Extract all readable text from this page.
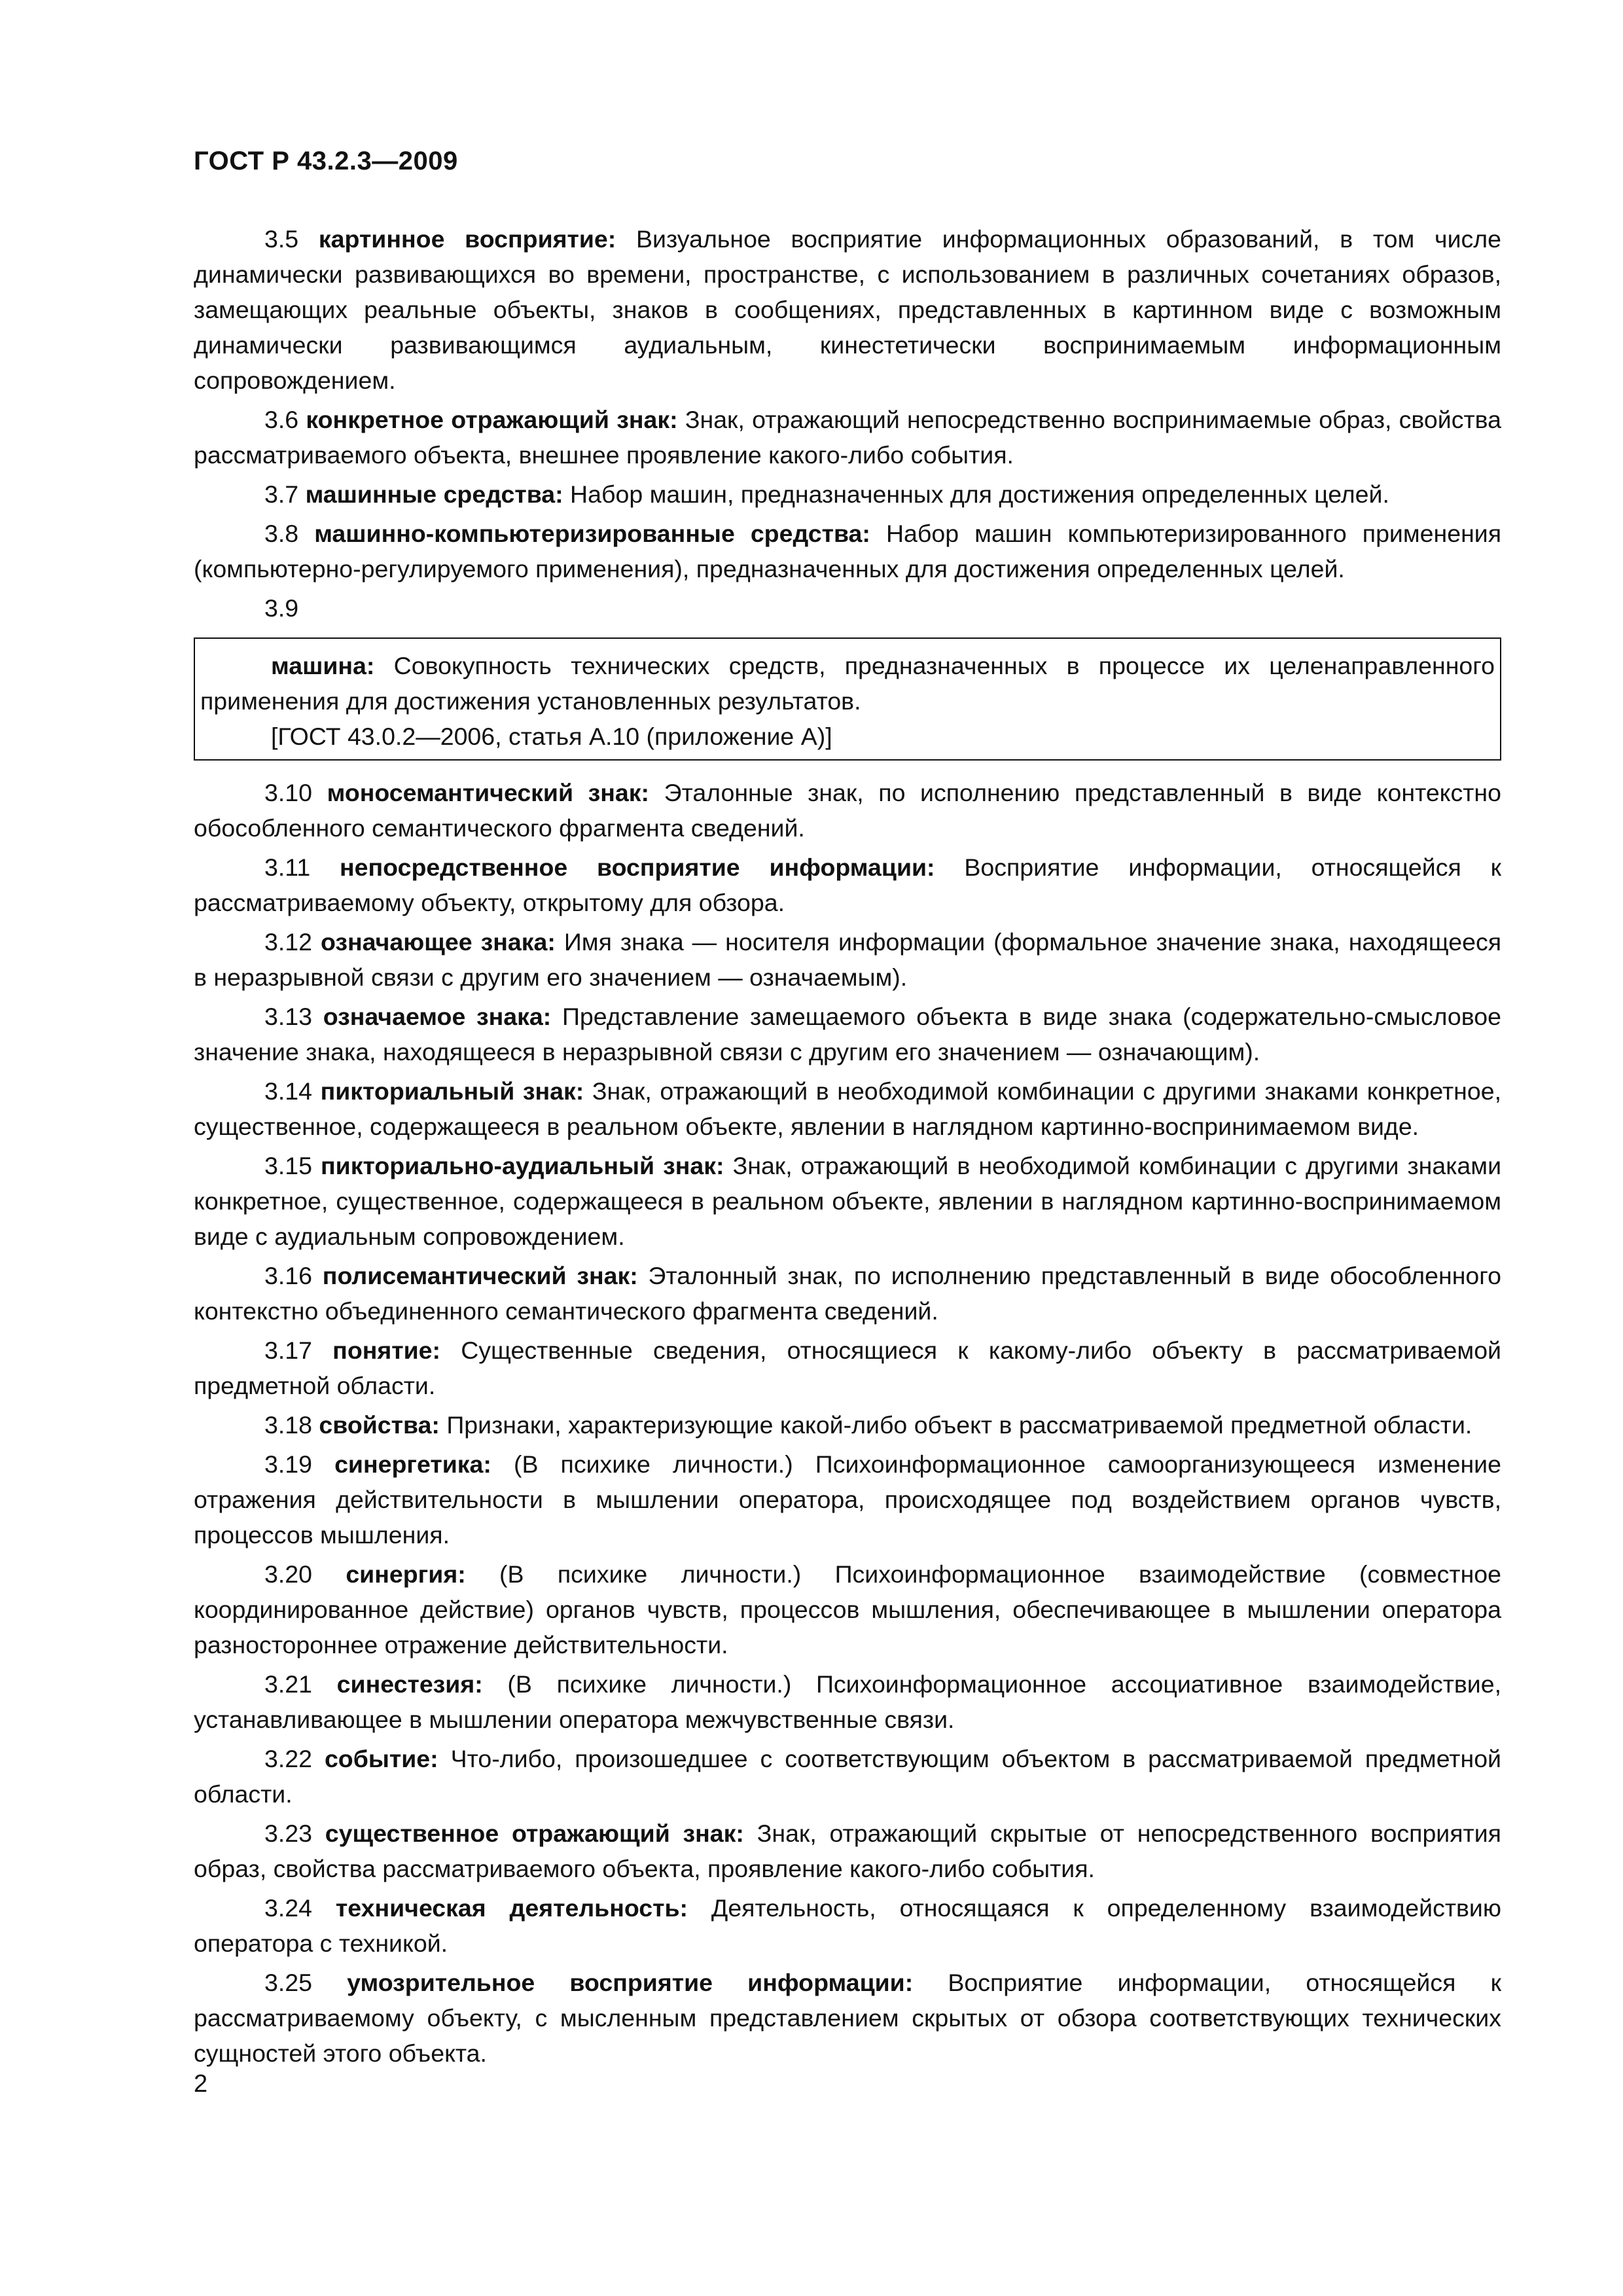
ГОСТ Р 43.2.3—2009

3.5 картинное восприятие: Визуальное восприятие информационных образований, в том числе динамически развивающихся во времени, пространстве, с использованием в различных сочетаниях образов, замещающих реальные объекты, знаков в сообщениях, представленных в картинном виде с возможным динамически развивающимся аудиальным, кинестетически воспринимаемым информационным сопровождением.

3.6 конкретное отражающий знак: Знак, отражающий непосредственно воспринимаемые образ, свойства рассматриваемого объекта, внешнее проявление какого-либо события.

3.7 машинные средства: Набор машин, предназначенных для достижения определенных целей.

3.8 машинно-компьютеризированные средства: Набор машин компьютеризированного применения (компьютерно-регулируемого применения), предназначенных для достижения определенных целей.

3.9

машина: Совокупность технических средств, предназначенных в процессе их целенаправленного применения для достижения установленных результатов.

[ГОСТ 43.0.2—2006, статья А.10 (приложение А)]

3.10 моносемантический знак: Эталонные знак, по исполнению представленный в виде контекстно обособленного семантического фрагмента сведений.

3.11 непосредственное восприятие информации: Восприятие информации, относящейся к рассматриваемому объекту, открытому для обзора.

3.12 означающее знака: Имя знака — носителя информации (формальное значение знака, находящееся в неразрывной связи с другим его значением — означаемым).

3.13 означаемое знака: Представление замещаемого объекта в виде знака (содержательно-смысловое значение знака, находящееся в неразрывной связи с другим его значением — означающим).

3.14 пикториальный знак: Знак, отражающий в необходимой комбинации с другими знаками конкретное, существенное, содержащееся в реальном объекте, явлении в наглядном картинно-воспринимаемом виде.

3.15 пикториально-аудиальный знак: Знак, отражающий в необходимой комбинации с другими знаками конкретное, существенное, содержащееся в реальном объекте, явлении в наглядном картинно-воспринимаемом виде с аудиальным сопровождением.

3.16 полисемантический знак: Эталонный знак, по исполнению представленный в виде обособленного контекстно объединенного семантического фрагмента сведений.

3.17 понятие: Существенные сведения, относящиеся к какому-либо объекту в рассматриваемой предметной области.

3.18 свойства: Признаки, характеризующие какой-либо объект в рассматриваемой предметной области.

3.19 синергетика: (В психике личности.) Психоинформационное самоорганизующееся изменение отражения действительности в мышлении оператора, происходящее под воздействием органов чувств, процессов мышления.

3.20 синергия: (В психике личности.) Психоинформационное взаимодействие (совместное координированное действие) органов чувств, процессов мышления, обеспечивающее в мышлении оператора разностороннее отражение действительности.

3.21 синестезия: (В психике личности.) Психоинформационное ассоциативное взаимодействие, устанавливающее в мышлении оператора межчувственные связи.

3.22 событие: Что-либо, произошедшее с соответствующим объектом в рассматриваемой предметной области.

3.23 существенное отражающий знак: Знак, отражающий скрытые от непосредственного восприятия образ, свойства рассматриваемого объекта, проявление какого-либо события.

3.24 техническая деятельность: Деятельность, относящаяся к определенному взаимодействию оператора с техникой.

3.25 умозрительное восприятие информации: Восприятие информации, относящейся к рассматриваемому объекту, с мысленным представлением скрытых от обзора соответствующих технических сущностей этого объекта.

2
